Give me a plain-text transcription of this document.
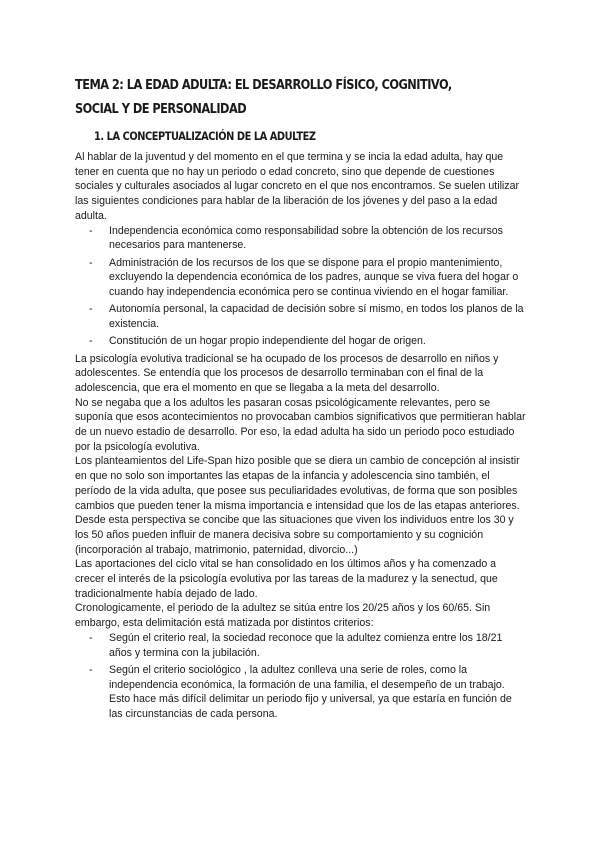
TEMA 2: LA EDAD ADULTA: EL DESARROLLO FÍSICO, COGNITIVO, SOCIAL Y DE PERSONALIDAD
1. LA CONCEPTUALIZACIÓN DE LA ADULTEZ

Al hablar de la juventud y del momento en el que termina y se incia la edad adulta, hay que tener en cuenta que no hay un periodo o edad concreto, sino que depende de cuestiones sociales y culturales asociados al lugar concreto en el que nos encontramos. Se suelen utilizar las siguientes condiciones para hablar de la liberación de los jóvenes y del paso a la edad adulta.

- Independencia económica como responsabilidad sobre la obtención de los recursos necesarios para mantenerse.
- Administración de los recursos de los que se dispone para el propio mantenimiento, excluyendo la dependencia económica de los padres, aunque se viva fuera del hogar o cuando hay independencia económica pero se continua viviendo en el hogar familiar.
- Autonomía personal, la capacidad de decisión sobre sí mismo, en todos los planos de la existencia.
- Constitución de un hogar propio independiente del hogar de origen.

La psicología evolutiva tradicional se ha ocupado de los procesos de desarrollo en niños y adolescentes. Se entendía que los procesos de desarrollo terminaban con el final de la adolescencia, que era el momento en que se llegaba a la meta del desarrollo.

No se negaba que a los adultos les pasaran cosas psicológicamente relevantes, pero se suponía que esos acontecimientos no provocaban cambios significativos que permitieran hablar de un nuevo estadio de desarrollo. Por eso, la edad adulta ha sido un periodo poco estudiado por la psicología evolutiva.

Los planteamientos del Life-Span hizo posible que se diera un cambio de concepción al insistir en que no solo son importantes las etapas de la infancia y adolescencia sino también, el período de la vida adulta, que posee sus peculiaridades evolutivas, de forma que son posibles cambios que pueden tener la misma importancia e intensidad que los de las etapas anteriores.

Desde esta perspectiva se concibe que las situaciones que viven los individuos entre los 30 y los 50 años pueden influir de manera decisiva sobre su comportamiento y su cognición (incorporación al trabajo, matrimonio, paternidad, divorcio...)

Las aportaciones del ciclo vital se han consolidado en los últimos años y ha comenzado a crecer el interés de la psicología evolutiva por las tareas de la madurez y la senectud, que tradicionalmente había dejado de lado.

Cronologicamente, el periodo de la adultez se sitúa entre los 20/25 años y los 60/65. Sin embargo, esta delimitación está matizada por distintos criterios:

- Según el criterio real, la sociedad reconoce que la adultez comienza entre los 18/21 años y termina con la jubilación.
- Según el criterio sociológico , la adultez conlleva una serie de roles, como la independencia económica, la formación de una familia, el desempeño de un trabajo. Esto hace más difícil delimitar un periodo fijo y universal, ya que estaría en función de las circunstancias de cada persona.
